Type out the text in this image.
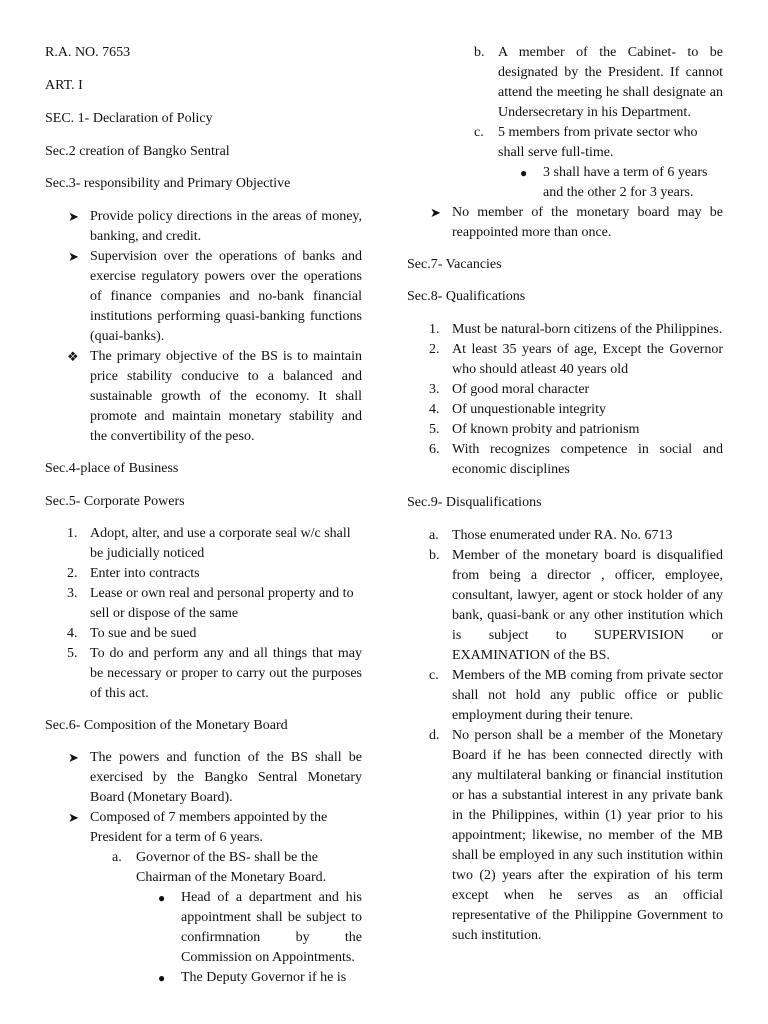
R.A. NO. 7653

ART. I

SEC. 1- Declaration of Policy

Sec.2 creation of Bangko Sentral

Sec.3- responsibility and Primary Objective

➤ Provide policy directions in the areas of money, banking, and credit.
➤ Supervision over the operations of banks and exercise regulatory powers over the operations of finance companies and no-bank financial institutions performing quasi-banking functions (quai-banks).
❖ The primary objective of the BS is to maintain price stability conducive to a balanced and sustainable growth of the economy. It shall promote and maintain monetary stability and the convertibility of the peso.

Sec.4-place of Business

Sec.5- Corporate Powers

1. Adopt, alter, and use a corporate seal w/c shall be judicially noticed
2. Enter into contracts
3. Lease or own real and personal property and to sell or dispose of the same
4. To sue and be sued
5. To do and perform any and all things that may be necessary or proper to carry out the purposes of this act.

Sec.6- Composition of the Monetary Board

➤ The powers and function of the BS shall be exercised by the Bangko Sentral Monetary Board (Monetary Board).
➤ Composed of 7 members appointed by the President for a term of 6 years.
a. Governor of the BS- shall be the Chairman of the Monetary Board.
● Head of a department and his appointment shall be subject to confirmnation by the Commission on Appointments.
● The Deputy Governor if he is
b. A member of the Cabinet- to be designated by the President. If cannot attend the meeting he shall designate an Undersecretary in his Department.
c. 5 members from private sector who shall serve full-time.
● 3 shall have a term of 6 years and the other 2 for 3 years.
➤ No member of the monetary board may be reappointed more than once.

Sec.7- Vacancies

Sec.8- Qualifications

1. Must be natural-born citizens of the Philippines.
2. At least 35 years of age, Except the Governor who should atleast 40 years old
3. Of good moral character
4. Of unquestionable integrity
5. Of known probity and patrionism
6. With recognizes competence in social and economic disciplines

Sec.9- Disqualifications

a. Those enumerated under RA. No. 6713
b. Member of the monetary board is disqualified from being a director , officer, employee, consultant, lawyer, agent or stock holder of any bank, quasi-bank or any other institution which is subject to SUPERVISION or EXAMINATION of the BS.
c. Members of the MB coming from private sector shall not hold any public office or public employment during their tenure.
d. No person shall be a member of the Monetary Board if he has been connected directly with any multilateral banking or financial institution or has a substantial interest in any private bank in the Philippines, within (1) year prior to his appointment; likewise, no member of the MB shall be employed in any such institution within two (2) years after the expiration of his term except when he serves as an official representative of the Philippine Government to such institution.
